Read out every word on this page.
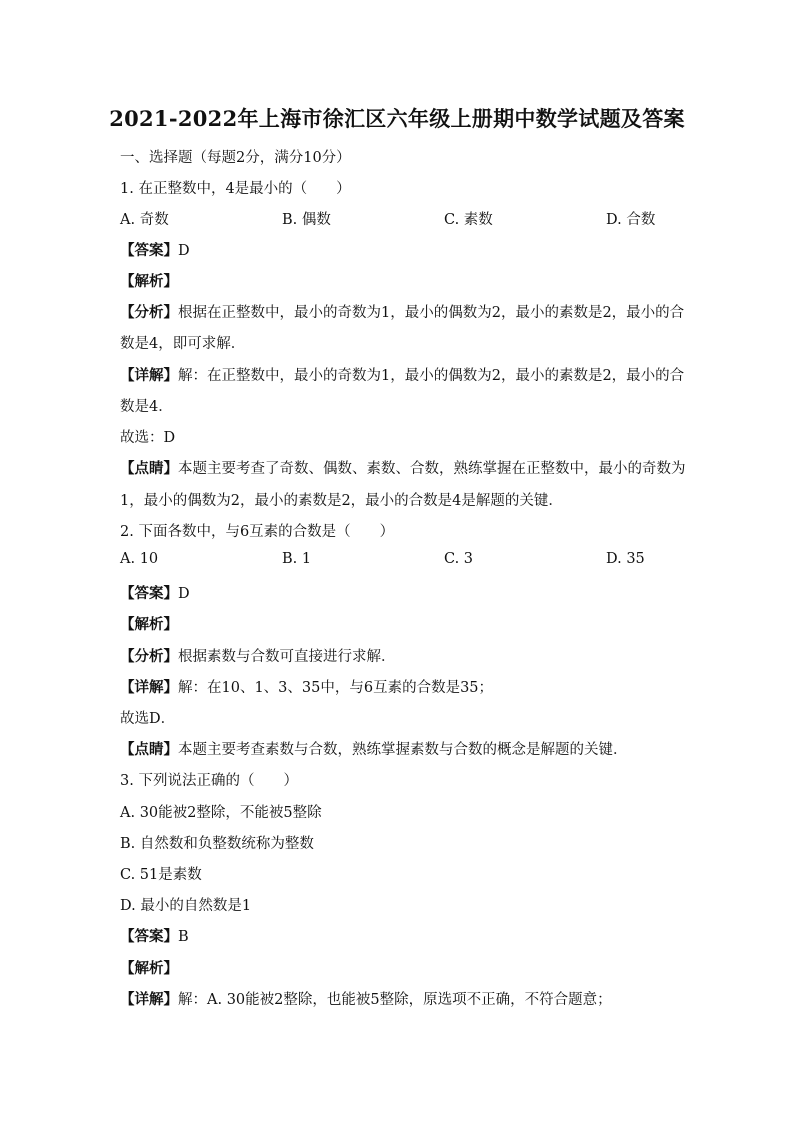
2021-2022年上海市徐汇区六年级上册期中数学试题及答案
一、选择题（每题2分，满分10分）
1. 在正整数中，4是最小的（　　）
A. 奇数	B. 偶数	C. 素数	D. 合数
【答案】D
【解析】
【分析】根据在正整数中，最小的奇数为1，最小的偶数为2，最小的素数是2，最小的合
数是4，即可求解．
【详解】解：在正整数中，最小的奇数为1，最小的偶数为2，最小的素数是2，最小的合
数是4．
故选：D
【点睛】本题主要考查了奇数、偶数、素数、合数，熟练掌握在正整数中，最小的奇数为
1，最小的偶数为2，最小的素数是2，最小的合数是4是解题的关键．
2. 下面各数中，与6互素的合数是（　　）
A. 10	B. 1	C. 3	D. 35
【答案】D
【解析】
【分析】根据素数与合数可直接进行求解．
【详解】解：在10、1、3、35中，与6互素的合数是35；
故选D．
【点睛】本题主要考查素数与合数，熟练掌握素数与合数的概念是解题的关键．
3. 下列说法正确的（　　）
A. 30能被2整除，不能被5整除
B. 自然数和负整数统称为整数
C. 51是素数
D. 最小的自然数是1
【答案】B
【解析】
【详解】解：A. 30能被2整除，也能被5整除，原选项不正确，不符合题意；
